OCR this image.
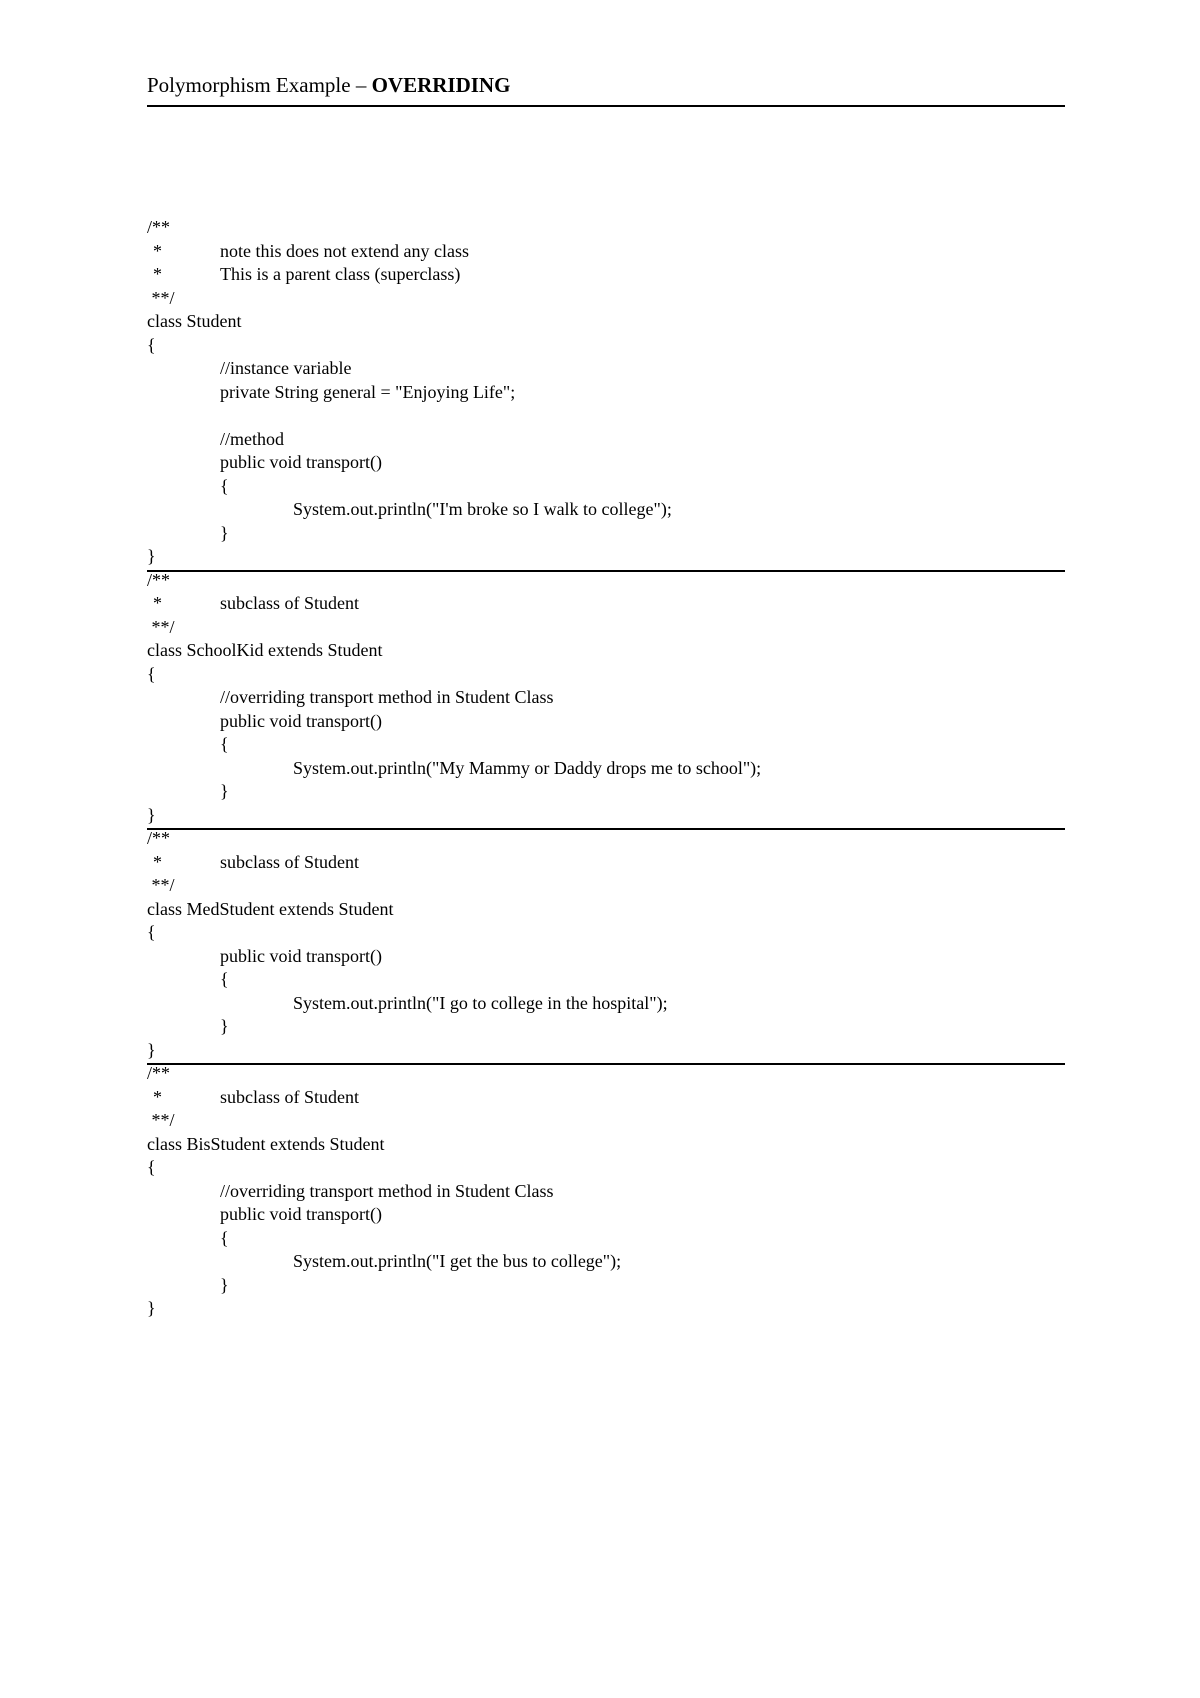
Polymorphism Example – OVERRIDING
/**
*	note this does not extend any class
*	This is a parent class (superclass)
**/
class Student
{
//instance variable
private String general = "Enjoying Life";
//method
public void transport()
{
System.out.println("I'm broke so I walk to college");
}
}
/**
*	subclass of Student
**/
class SchoolKid extends Student
{
//overriding transport method in Student Class
public void transport()
{
System.out.println("My Mammy or Daddy drops me to school");
}
}
/**
*	subclass of Student
**/
class MedStudent extends Student
{
public void transport()
{
System.out.println("I go to college in the hospital");
}
}
/**
*	subclass of Student
**/
class BisStudent extends Student
{
//overriding transport method in Student Class
public void transport()
{
System.out.println("I get the bus to college");
}
}
